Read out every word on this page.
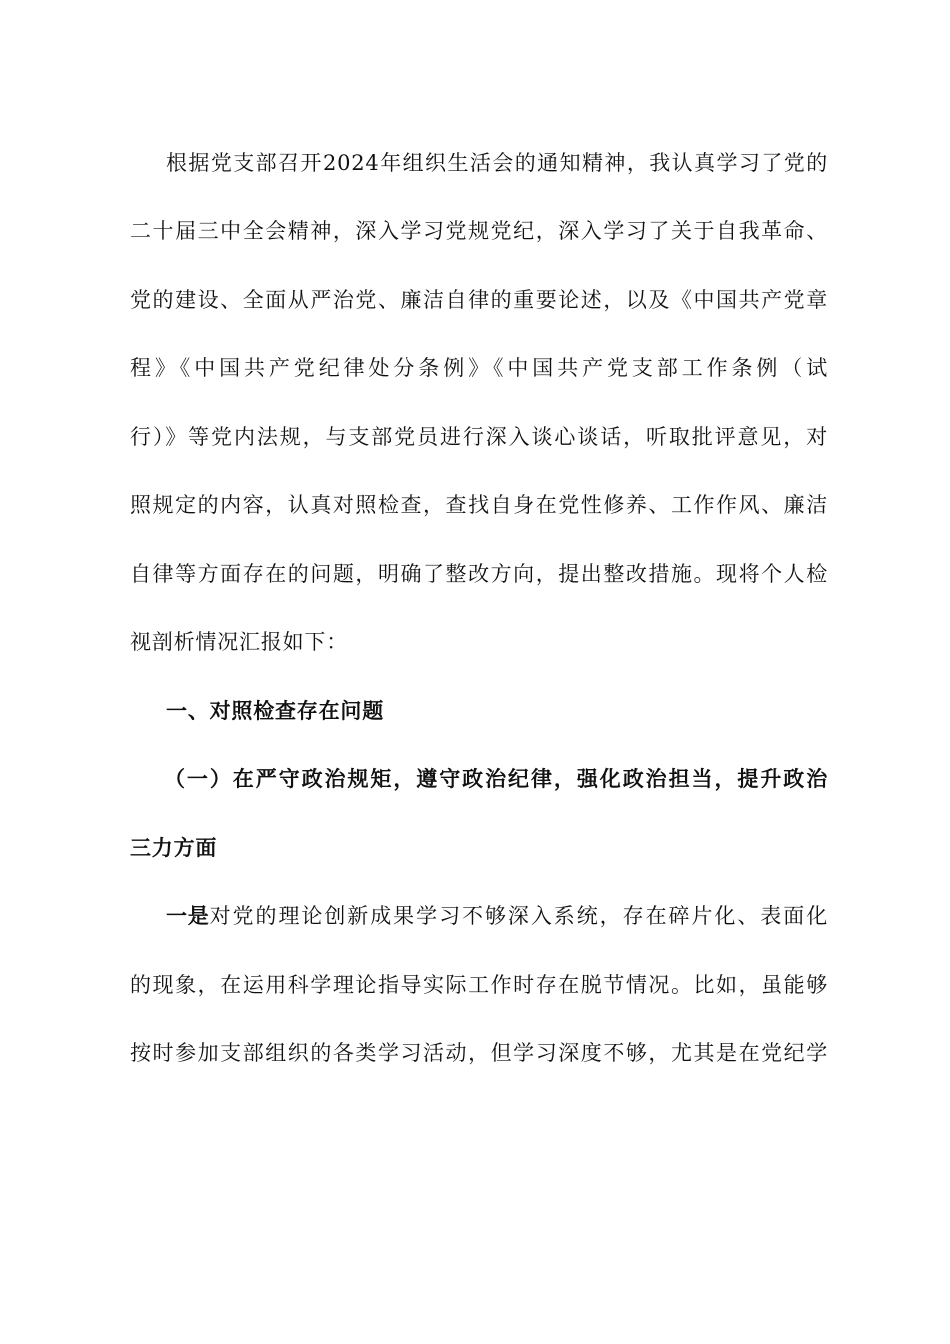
根据党支部召开2024年组织生活会的通知精神，我认真学习了党的
二十届三中全会精神，深入学习党规党纪，深入学习了关于自我革命、
党的建设、全面从严治党、廉洁自律的重要论述，以及《中国共产党章
程》《中国共产党纪律处分条例》《中国共产党支部工作条例（试
行）》等党内法规，与支部党员进行深入谈心谈话，听取批评意见，对
照规定的内容，认真对照检查，查找自身在党性修养、工作作风、廉洁
自律等方面存在的问题，明确了整改方向，提出整改措施。现将个人检
视剖析情况汇报如下：
一、对照检查存在问题
（一）在严守政治规矩，遵守政治纪律，强化政治担当，提升政治
三力方面
一是 对党的理论创新成果学习不够深入系统，存在碎片化、表面化
的现象，在运用科学理论指导实际工作时存在脱节情况。比如，虽能够
按时参加支部组织的各类学习活动，但学习深度不够，尤其是在党纪学
